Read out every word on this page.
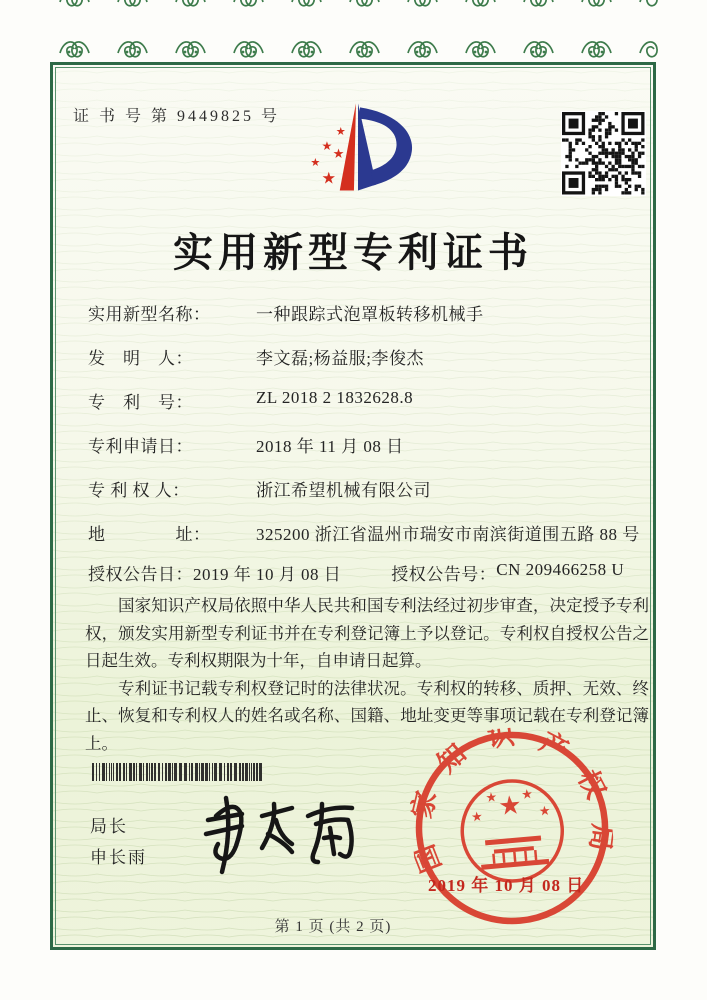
证 书 号 第 9449825 号
★
★
★
★
★
实用新型专利证书
实用新型名称：	一种跟踪式泡罩板转移机械手
发　明　人：	李文磊;杨益服;李俊杰
专　利　号：	ZL 2018 2 1832628.8
专利申请日：	2018 年 11 月 08 日
专 利 权 人：	浙江希望机械有限公司
地　　　　址：	325200 浙江省温州市瑞安市南滨街道围五路 88 号
授权公告日： 2019 年 10 月 08 日	授权公告号： CN 209466258 U

国家知识产权局依照中华人民共和国专利法经过初步审查，决定授予专利权，颁发实用新型专利证书并在专利登记簿上予以登记。专利权自授权公告之日起生效。专利权期限为十年，自申请日起算。

专利证书记载专利权登记时的法律状况。专利权的转移、质押、无效、终止、恢复和专利权人的姓名或名称、国籍、地址变更等事项记载在专利登记簿上。

局长
申长雨	国家知识产权局
★
★
★ ★
★
2019 年 10 月 08 日
第 1 页 (共 2 页)
